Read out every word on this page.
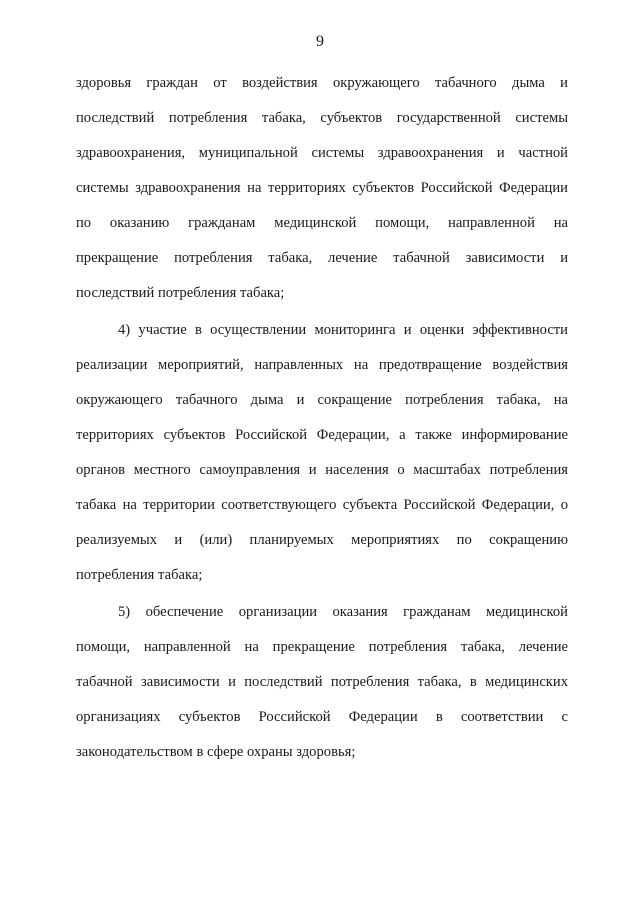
9
здоровья граждан от воздействия окружающего табачного дыма и
последствий потребления табака, субъектов государственной системы
здравоохранения, муниципальной системы здравоохранения и частной
системы здравоохранения на территориях субъектов Российской Федерации
по оказанию гражданам медицинской помощи, направленной на
прекращение потребления табака, лечение табачной зависимости и
последствий потребления табака;
4) участие в осуществлении мониторинга и оценки эффективности
реализации мероприятий, направленных на предотвращение воздействия
окружающего табачного дыма и сокращение потребления табака, на
территориях субъектов Российской Федерации, а также информирование
органов местного самоуправления и населения о масштабах потребления
табака на территории соответствующего субъекта Российской Федерации, о
реализуемых и (или) планируемых мероприятиях по сокращению
потребления табака;
5) обеспечение организации оказания гражданам медицинской
помощи, направленной на прекращение потребления табака, лечение
табачной зависимости и последствий потребления табака, в медицинских
организациях субъектов Российской Федерации в соответствии с
законодательством в сфере охраны здоровья;
